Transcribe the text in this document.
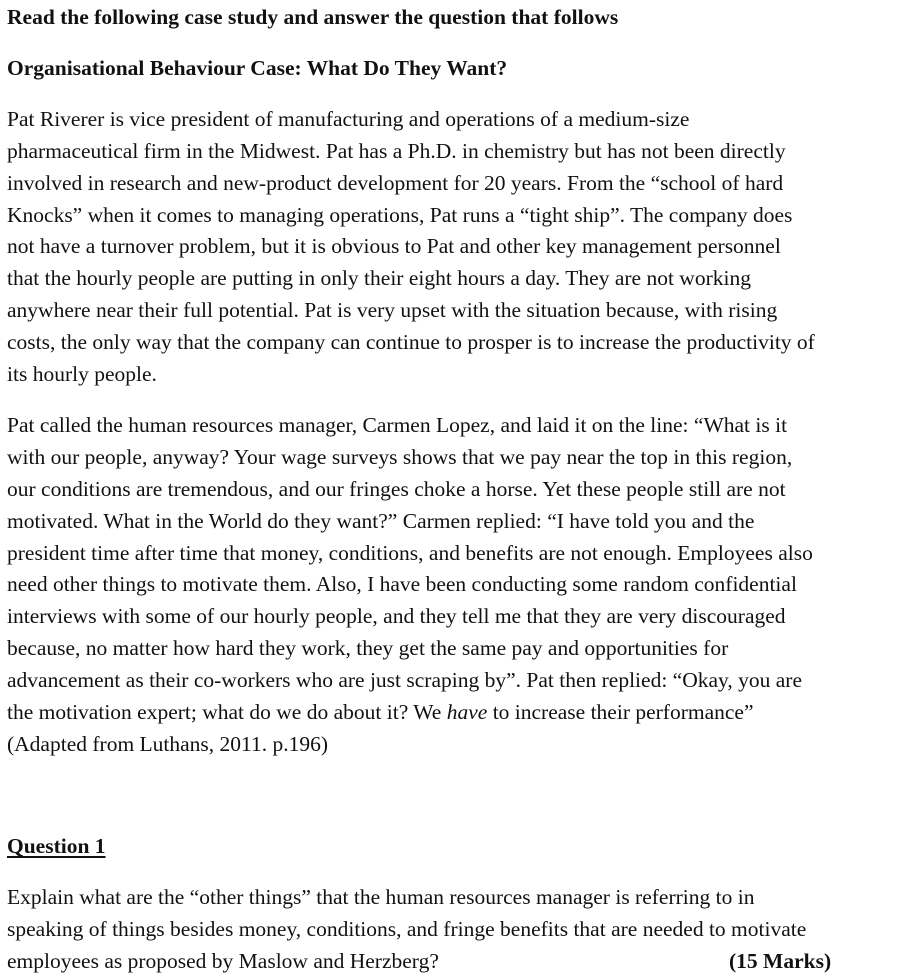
Read the following case study and answer the question that follows
Organisational Behaviour Case: What Do They Want?
Pat Riverer is vice president of manufacturing and operations of a medium-size
pharmaceutical firm in the Midwest. Pat has a Ph.D. in chemistry but has not been directly
involved in research and new-product development for 20 years. From the “school of hard
Knocks” when it comes to managing operations, Pat runs a “tight ship”. The company does
not have a turnover problem, but it is obvious to Pat and other key management personnel
that the hourly people are putting in only their eight hours a day. They are not working
anywhere near their full potential. Pat is very upset with the situation because, with rising
costs, the only way that the company can continue to prosper is to increase the productivity of
its hourly people.
Pat called the human resources manager, Carmen Lopez, and laid it on the line: “What is it
with our people, anyway? Your wage surveys shows that we pay near the top in this region,
our conditions are tremendous, and our fringes choke a horse. Yet these people still are not
motivated. What in the World do they want?” Carmen replied: “I have told you and the
president time after time that money, conditions, and benefits are not enough. Employees also
need other things to motivate them. Also, I have been conducting some random confidential
interviews with some of our hourly people, and they tell me that they are very discouraged
because, no matter how hard they work, they get the same pay and opportunities for
advancement as their co-workers who are just scraping by”. Pat then replied: “Okay, you are
the motivation expert; what do we do about it? We have to increase their performance”
(Adapted from Luthans, 2011. p.196)
Question 1
Explain what are the “other things” that the human resources manager is referring to in
speaking of things besides money, conditions, and fringe benefits that are needed to motivate
employees as proposed by Maslow and Herzberg?	(15 Marks)
